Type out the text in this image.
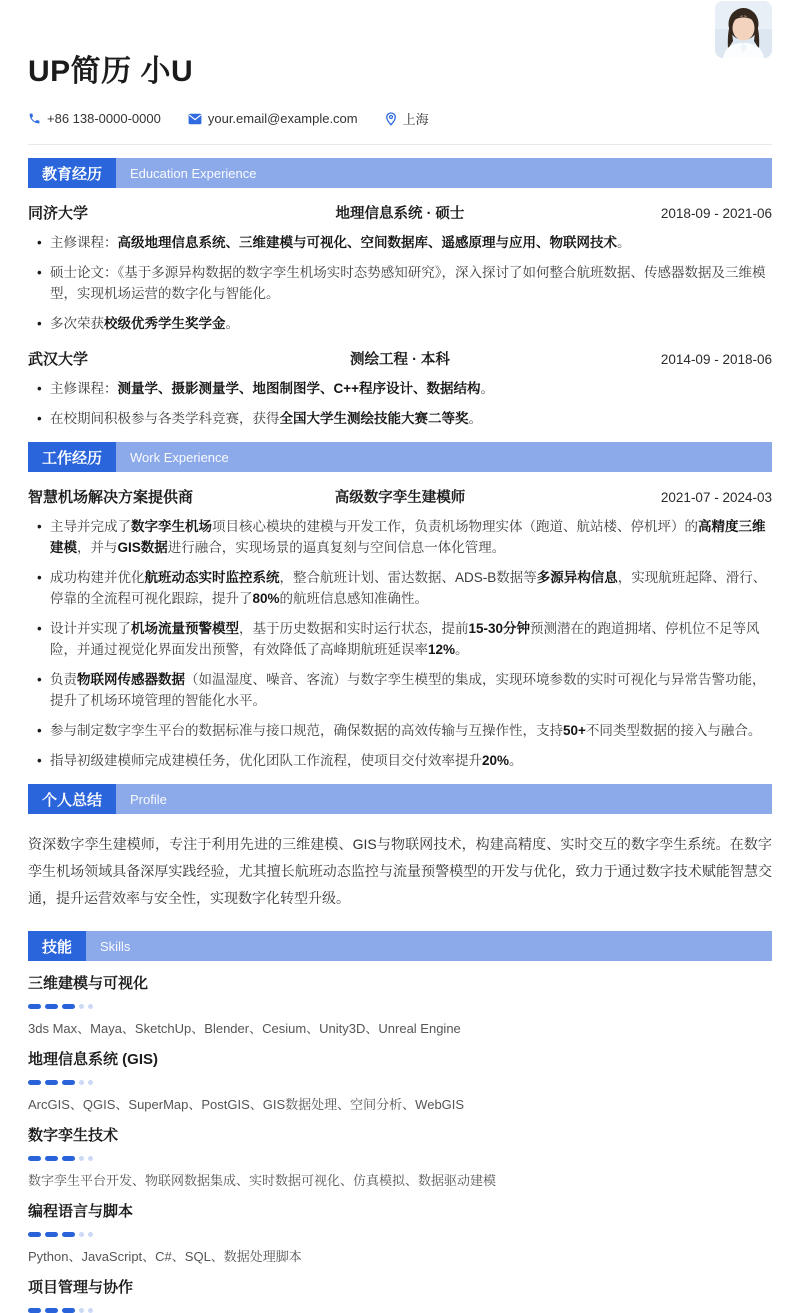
UP简历 小U
+86 138-0000-0000	your.email@example.com	上海
教育经历	Education Experience
同济大学	地理信息系统 · 硕士	2018-09 - 2021-06
• 主修课程：高级地理信息系统、三维建模与可视化、空间数据库、遥感原理与应用、物联网技术。
• 硕士论文：《基于多源异构数据的数字孪生机场实时态势感知研究》，深入探讨了如何整合航班数据、传感器数据及三维模型，实现机场运营的数字化与智能化。
• 多次荣获校级优秀学生奖学金。
武汉大学	测绘工程 · 本科	2014-09 - 2018-06
• 主修课程：测量学、摄影测量学、地图制图学、C++程序设计、数据结构。
• 在校期间积极参与各类学科竞赛，获得全国大学生测绘技能大赛二等奖。
工作经历	Work Experience
智慧机场解决方案提供商	高级数字孪生建模师	2021-07 - 2024-03
• 主导并完成了数字孪生机场项目核心模块的建模与开发工作，负责机场物理实体（跑道、航站楼、停机坪）的高精度三维建模，并与GIS数据进行融合，实现场景的逼真复刻与空间信息一体化管理。
• 成功构建并优化航班动态实时监控系统，整合航班计划、雷达数据、ADS-B数据等多源异构信息，实现航班起降、滑行、停靠的全流程可视化跟踪，提升了80%的航班信息感知准确性。
• 设计并实现了机场流量预警模型，基于历史数据和实时运行状态，提前15-30分钟预测潜在的跑道拥堵、停机位不足等风险，并通过视觉化界面发出预警，有效降低了高峰期航班延误率12%。
• 负责物联网传感器数据（如温湿度、噪音、客流）与数字孪生模型的集成，实现环境参数的实时可视化与异常告警功能，提升了机场环境管理的智能化水平。
• 参与制定数字孪生平台的数据标准与接口规范，确保数据的高效传输与互操作性，支持50+不同类型数据的接入与融合。
• 指导初级建模师完成建模任务，优化团队工作流程，使项目交付效率提升20%。
个人总结	Profile

资深数字孪生建模师，专注于利用先进的三维建模、GIS与物联网技术，构建高精度、实时交互的数字孪生系统。在数字孪生机场领域具备深厚实践经验，尤其擅长航班动态监控与流量预警模型的开发与优化，致力于通过数字技术赋能智慧交通，提升运营效率与安全性，实现数字化转型升级。

技能	Skills
三维建模与可视化
3ds Max、Maya、SketchUp、Blender、Cesium、Unity3D、Unreal Engine
地理信息系统 (GIS)
ArcGIS、QGIS、SuperMap、PostGIS、GIS数据处理、空间分析、WebGIS
数字孪生技术
数字孪生平台开发、物联网数据集成、实时数据可视化、仿真模拟、数据驱动建模
编程语言与脚本
Python、JavaScript、C#、SQL、数据处理脚本
项目管理与协作
